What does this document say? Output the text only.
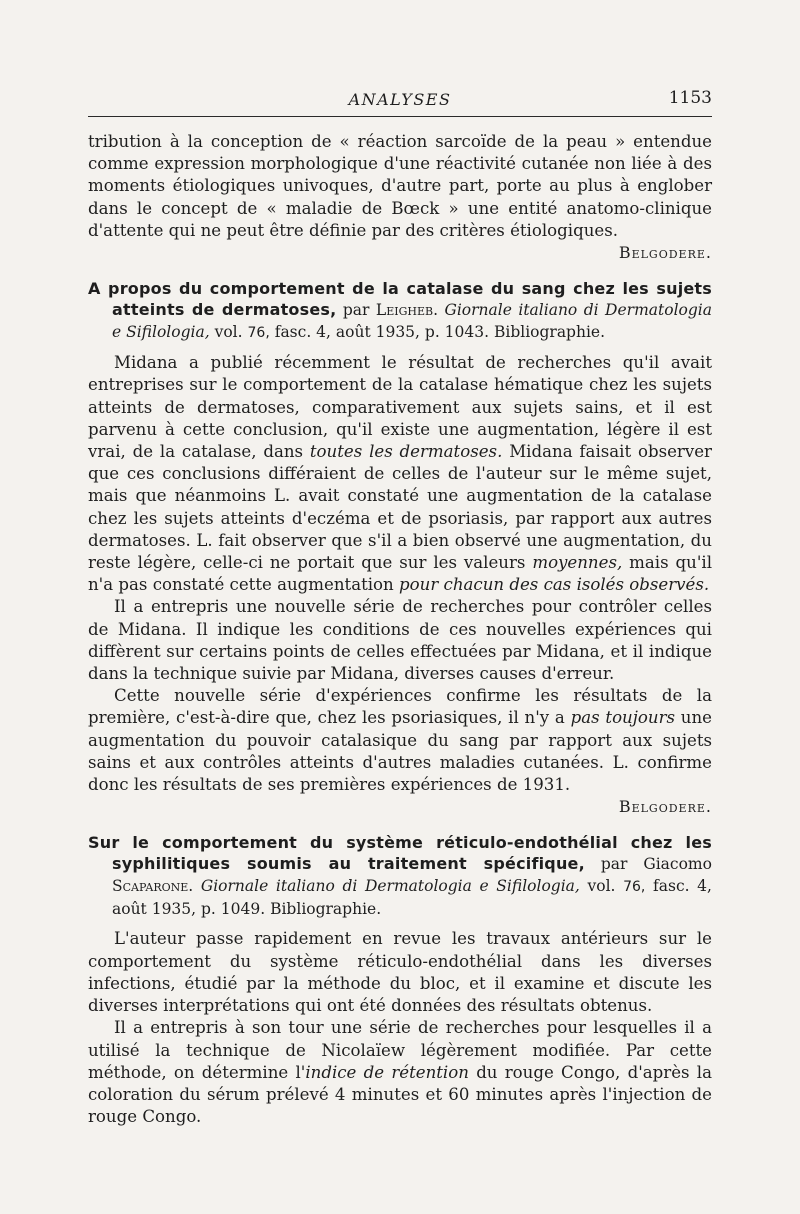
ANALYSES	1153

tribution à la conception de « réaction sarcoïde de la peau » entendue comme expression morphologique d'une réactivité cutanée non liée à des moments étiologiques univoques, d'autre part, porte au plus à englober dans le concept de « maladie de Bœck » une entité anatomo-clinique d'attente qui ne peut être définie par des critères étiologiques.

Belgodere.

A propos du comportement de la catalase du sang chez les sujets atteints de dermatoses, par Leigheb. Giornale italiano di Dermatologia e Sifilologia, vol. 76, fasc. 4, août 1935, p. 1043. Bibliographie.

Midana a publié récemment le résultat de recherches qu'il avait entreprises sur le comportement de la catalase hématique chez les sujets atteints de dermatoses, comparativement aux sujets sains, et il est parvenu à cette conclusion, qu'il existe une augmentation, légère il est vrai, de la catalase, dans toutes les dermatoses. Midana faisait observer que ces conclusions différaient de celles de l'auteur sur le même sujet, mais que néanmoins L. avait constaté une augmentation de la catalase chez les sujets atteints d'eczéma et de psoriasis, par rapport aux autres dermatoses. L. fait observer que s'il a bien observé une augmentation, du reste légère, celle-ci ne portait que sur les valeurs moyennes, mais qu'il n'a pas constaté cette augmentation pour chacun des cas isolés observés.

Il a entrepris une nouvelle série de recherches pour contrôler celles de Midana. Il indique les conditions de ces nouvelles expériences qui diffèrent sur certains points de celles effectuées par Midana, et il indique dans la technique suivie par Midana, diverses causes d'erreur.

Cette nouvelle série d'expériences confirme les résultats de la première, c'est-à-dire que, chez les psoriasiques, il n'y a pas toujours une augmentation du pouvoir catalasique du sang par rapport aux sujets sains et aux contrôles atteints d'autres maladies cutanées. L. confirme donc les résultats de ses premières expériences de 1931.

Belgodere.

Sur le comportement du système réticulo-endothélial chez les syphilitiques soumis au traitement spécifique, par Giacomo Scaparone. Giornale italiano di Dermatologia e Sifilologia, vol. 76, fasc. 4, août 1935, p. 1049. Bibliographie.

L'auteur passe rapidement en revue les travaux antérieurs sur le comportement du système réticulo-endothélial dans les diverses infections, étudié par la méthode du bloc, et il examine et discute les diverses interprétations qui ont été données des résultats obtenus.

Il a entrepris à son tour une série de recherches pour lesquelles il a utilisé la technique de Nicolaïew légèrement modifiée. Par cette méthode, on détermine l'indice de rétention du rouge Congo, d'après la coloration du sérum prélevé 4 minutes et 60 minutes après l'injection de rouge Congo.
